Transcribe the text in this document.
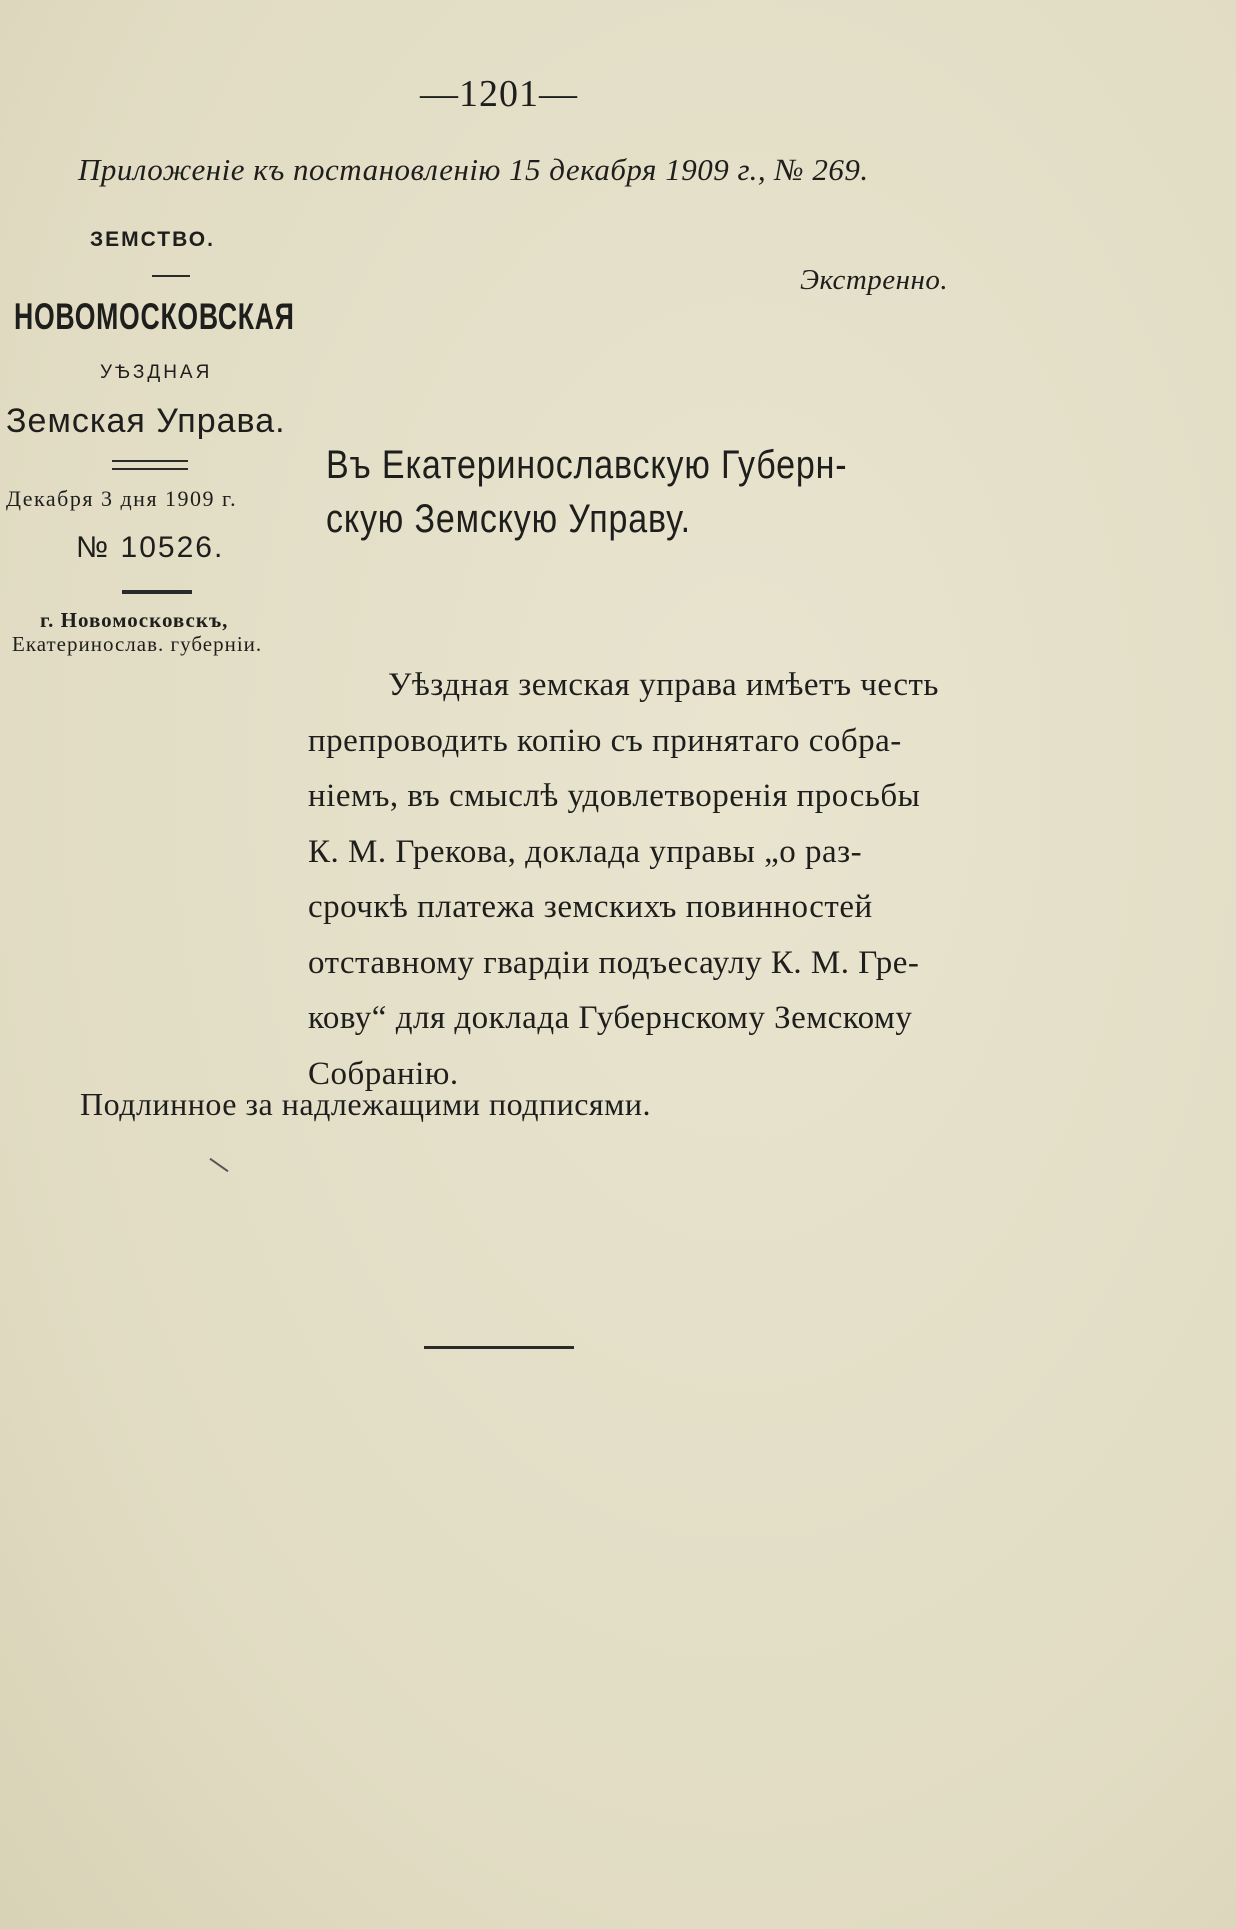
—1201—
Приложеніе къ постановленію 15 декабря 1909 г., № 269.
ЗЕМСТВО.
Экстренно.
НОВОМОСКОВСКАЯ
УѢЗДНАЯ
Земская Управа.
Декабря 3 дня 1909 г.
№ 10526.
г. Новомосковскъ,
Екатеринослав. губерніи.
Въ Екатеринославскую Губерн-
скую Земскую Управу.
Уѣздная земская управа имѣетъ честь
препроводить копію съ принятаго собра-
ніемъ, въ смыслѣ удовлетворенія просьбы
К. М. Грекова, доклада управы „о раз-
срочкѣ платежа земскихъ повинностей
отставному гвардіи подъесаулу К. М. Гре-
кову“ для доклада Губернскому Земскому
Собранію.
Подлинное за надлежащими подписями.
